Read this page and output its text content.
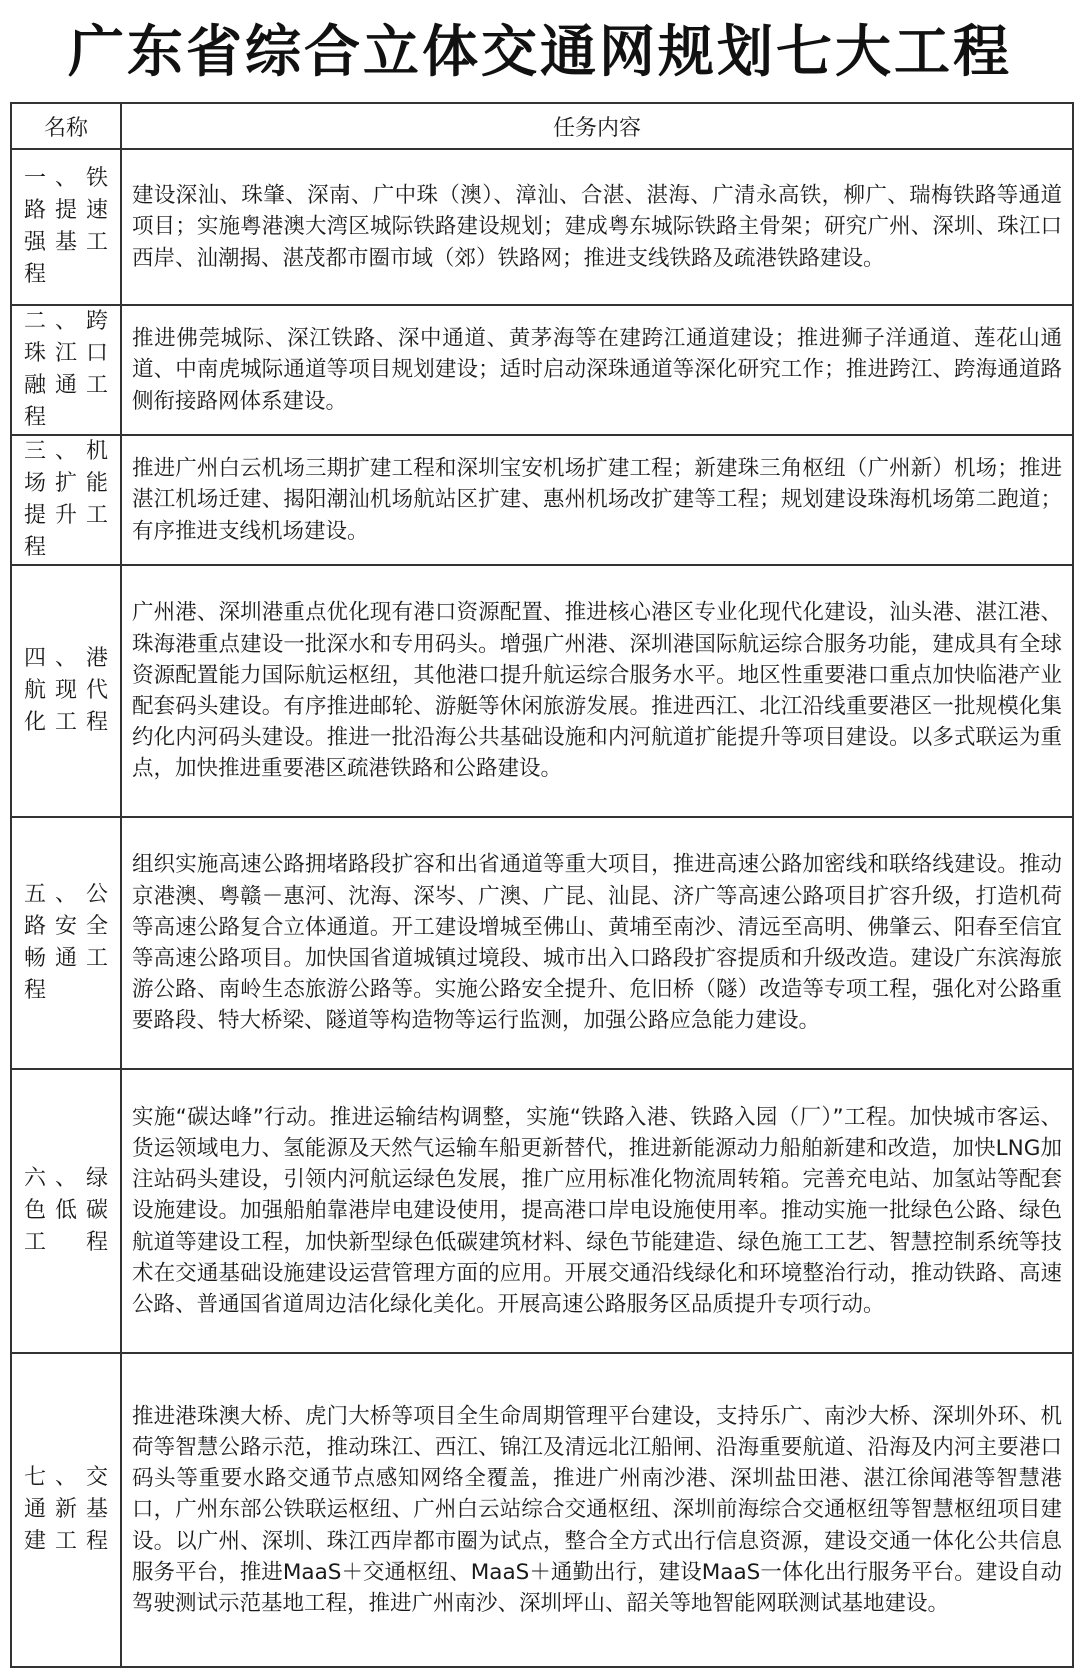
广东省综合立体交通网规划七大工程
名称	任务内容
一、铁路提速强基工程	建设深汕、珠肇、深南、广中珠（澳）、漳汕、合湛、湛海、广清永高铁，柳广、瑞梅铁路等通道项目；实施粤港澳大湾区城际铁路建设规划；建成粤东城际铁路主骨架；研究广州、深圳、珠江口西岸、汕潮揭、湛茂都市圈市域（郊）铁路网；推进支线铁路及疏港铁路建设。
二、跨珠江口融通工程	推进佛莞城际、深江铁路、深中通道、黄茅海等在建跨江通道建设；推进狮子洋通道、莲花山通道、中南虎城际通道等项目规划建设；适时启动深珠通道等深化研究工作；推进跨江、跨海通道路侧衔接路网体系建设。
三、机场扩能提升工程	推进广州白云机场三期扩建工程和深圳宝安机场扩建工程；新建珠三角枢纽（广州新）机场；推进湛江机场迁建、揭阳潮汕机场航站区扩建、惠州机场改扩建等工程；规划建设珠海机场第二跑道；有序推进支线机场建设。
四、港航现代化工程	广州港、深圳港重点优化现有港口资源配置、推进核心港区专业化现代化建设，汕头港、湛江港、珠海港重点建设一批深水和专用码头。增强广州港、深圳港国际航运综合服务功能，建成具有全球资源配置能力国际航运枢纽，其他港口提升航运综合服务水平。地区性重要港口重点加快临港产业配套码头建设。有序推进邮轮、游艇等休闲旅游发展。推进西江、北江沿线重要港区一批规模化集约化内河码头建设。推进一批沿海公共基础设施和内河航道扩能提升等项目建设。以多式联运为重点，加快推进重要港区疏港铁路和公路建设。
五、公路安全畅通工程	组织实施高速公路拥堵路段扩容和出省通道等重大项目，推进高速公路加密线和联络线建设。推动京港澳、粤赣－惠河、沈海、深岑、广澳、广昆、汕昆、济广等高速公路项目扩容升级，打造机荷等高速公路复合立体通道。开工建设增城至佛山、黄埔至南沙、清远至高明、佛肇云、阳春至信宜等高速公路项目。加快国省道城镇过境段、城市出入口路段扩容提质和升级改造。建设广东滨海旅游公路、南岭生态旅游公路等。实施公路安全提升、危旧桥（隧）改造等专项工程，强化对公路重要路段、特大桥梁、隧道等构造物等运行监测，加强公路应急能力建设。
六、绿色低碳工程	实施“碳达峰”行动。推进运输结构调整，实施“铁路入港、铁路入园（厂）”工程。加快城市客运、货运领域电力、氢能源及天然气运输车船更新替代，推进新能源动力船舶新建和改造，加快LNG加注站码头建设，引领内河航运绿色发展，推广应用标准化物流周转箱。完善充电站、加氢站等配套设施建设。加强船舶靠港岸电建设使用，提高港口岸电设施使用率。推动实施一批绿色公路、绿色 航道等建设工程，加快新型绿色低碳建筑材料、绿色节能建造、绿色施工工艺、智慧控制系统等技术在交通基础设施建设运营管理方面的应用。开展交通沿线绿化和环境整治行动，推动铁路、高速公路、普通国省道周边洁化绿化美化。开展高速公路服务区品质提升专项行动。
七、交通新基建工程	推进港珠澳大桥、虎门大桥等项目全生命周期管理平台建设，支持乐广、南沙大桥、深圳外环、机荷等智慧公路示范，推动珠江、西江、锦江及清远北江船闸、沿海重要航道、沿海及内河主要港口码头等重要水路交通节点感知网络全覆盖，推进广州南沙港、深圳盐田港、湛江徐闻港等智慧港口，广州东部公铁联运枢纽、广州白云站综合交通枢纽、深圳前海综合交通枢纽等智慧枢纽项目建设。以广州、深圳、珠江西岸都市圈为试点，整合全方式出行信息资源，建设交通一体化公共信息服务平台，推进MaaS＋交通枢纽、MaaS＋通勤出行，建设MaaS一体化出行服务平台。建设自动驾驶测试示范基地工程，推进广州南沙、深圳坪山、韶关等地智能网联测试基地建设。
